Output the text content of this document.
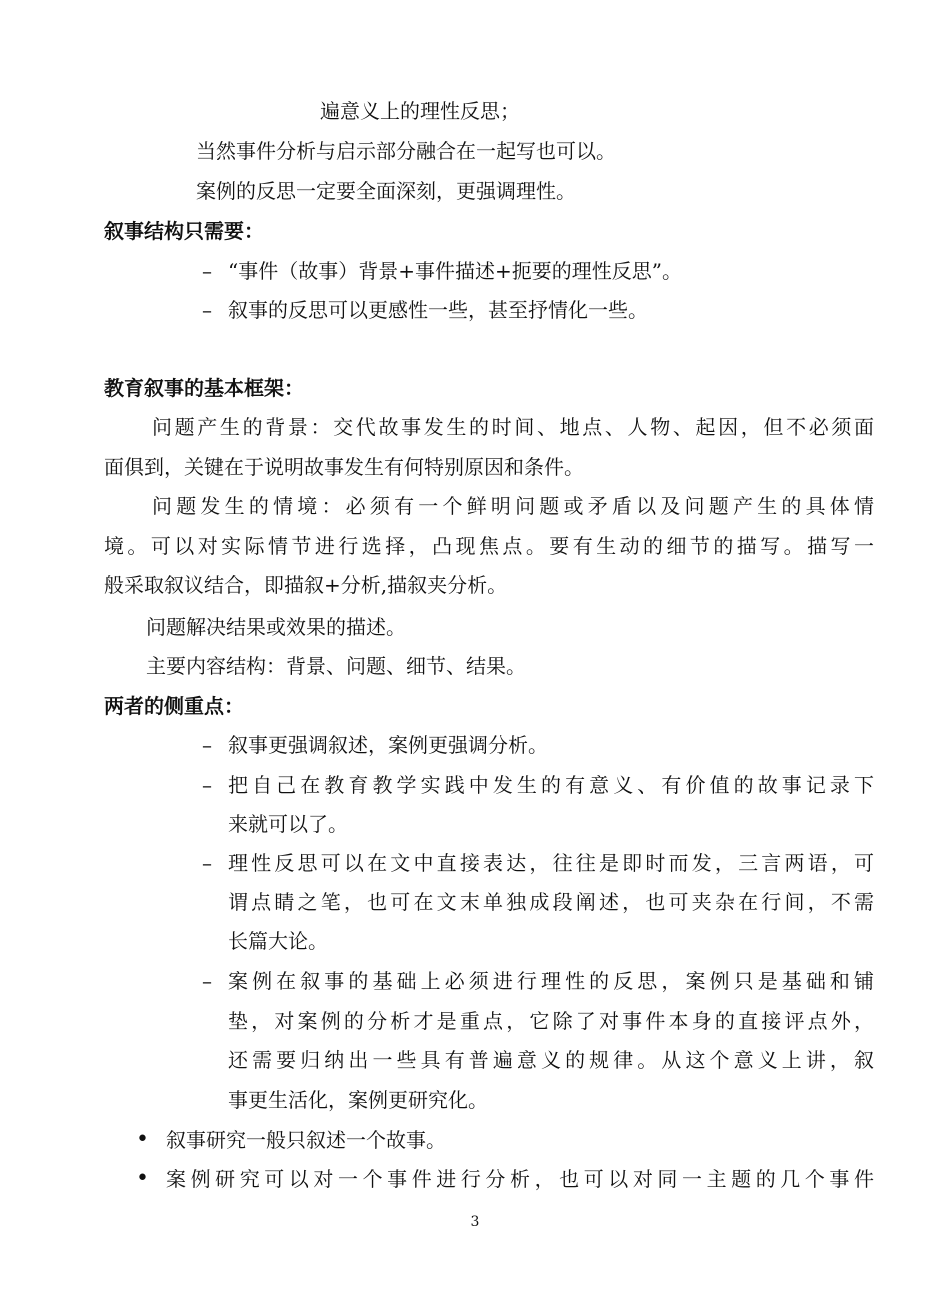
遍意义上的理性反思；
当然事件分析与启示部分融合在一起写也可以。
案例的反思一定要全面深刻，更强调理性。
叙事结构只需要：
– “事件（故事）背景+事件描述+扼要的理性反思”。
– 叙事的反思可以更感性一些，甚至抒情化一些。
教育叙事的基本框架：
问题产生的背景：交代故事发生的时间、地点、人物、起因，但不必须面
面俱到，关键在于说明故事发生有何特别原因和条件。
问题发生的情境：必须有一个鲜明问题或矛盾以及问题产生的具体情
境。可以对实际情节进行选择，凸现焦点。要有生动的细节的描写。描写一
般采取叙议结合，即描叙+分析,描叙夹分析。
问题解决结果或效果的描述。
主要内容结构：背景、问题、细节、结果。
两者的侧重点：
– 叙事更强调叙述，案例更强调分析。
– 把自己在教育教学实践中发生的有意义、有价值的故事记录下
来就可以了。
– 理性反思可以在文中直接表达，往往是即时而发，三言两语，可
谓点睛之笔，也可在文末单独成段阐述，也可夹杂在行间，不需
长篇大论。
– 案例在叙事的基础上必须进行理性的反思，案例只是基础和铺
垫，对案例的分析才是重点，它除了对事件本身的直接评点外，
还需要归纳出一些具有普遍意义的规律。从这个意义上讲，叙
事更生活化，案例更研究化。
• 叙事研究一般只叙述一个故事。
• 案例研究可以对一个事件进行分析，也可以对同一主题的几个事件
3
